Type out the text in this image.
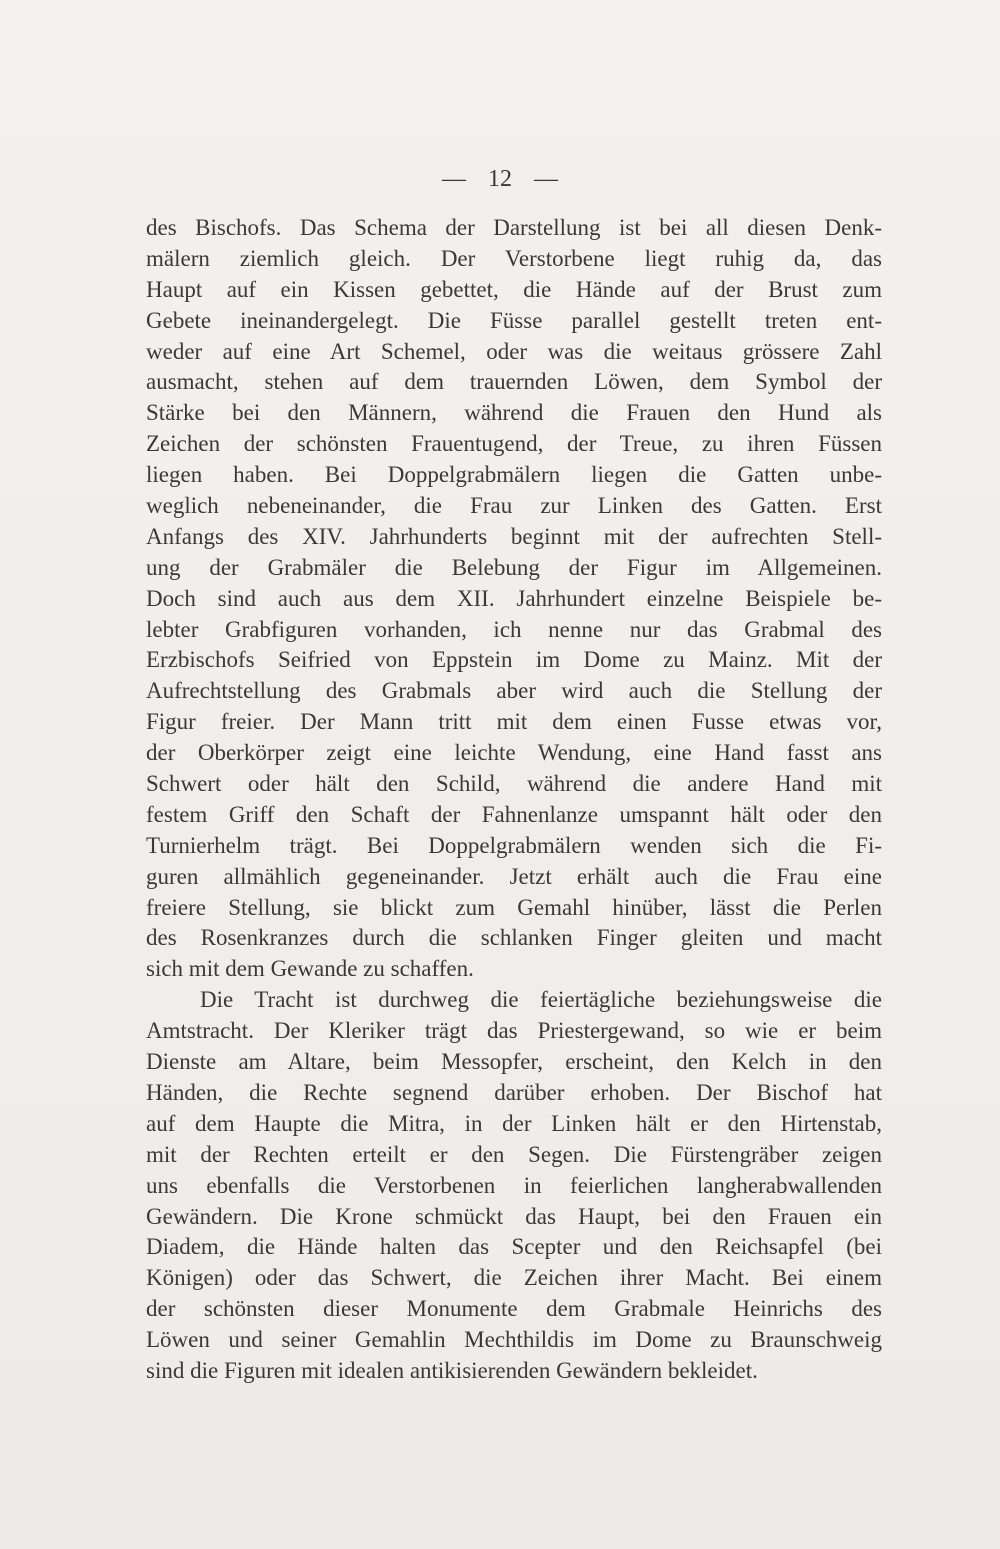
— 12 —
des Bischofs. Das Schema der Darstellung ist bei all diesen Denk-
mälern ziemlich gleich. Der Verstorbene liegt ruhig da, das
Haupt auf ein Kissen gebettet, die Hände auf der Brust zum
Gebete ineinandergelegt. Die Füsse parallel gestellt treten ent-
weder auf eine Art Schemel, oder was die weitaus grössere Zahl
ausmacht, stehen auf dem trauernden Löwen, dem Symbol der
Stärke bei den Männern, während die Frauen den Hund als
Zeichen der schönsten Frauentugend, der Treue, zu ihren Füssen
liegen haben. Bei Doppelgrabmälern liegen die Gatten unbe-
weglich nebeneinander, die Frau zur Linken des Gatten. Erst
Anfangs des XIV. Jahrhunderts beginnt mit der aufrechten Stell-
ung der Grabmäler die Belebung der Figur im Allgemeinen.
Doch sind auch aus dem XII. Jahrhundert einzelne Beispiele be-
lebter Grabfiguren vorhanden, ich nenne nur das Grabmal des
Erzbischofs Seifried von Eppstein im Dome zu Mainz. Mit der
Aufrechtstellung des Grabmals aber wird auch die Stellung der
Figur freier. Der Mann tritt mit dem einen Fusse etwas vor,
der Oberkörper zeigt eine leichte Wendung, eine Hand fasst ans
Schwert oder hält den Schild, während die andere Hand mit
festem Griff den Schaft der Fahnenlanze umspannt hält oder den
Turnierhelm trägt. Bei Doppelgrabmälern wenden sich die Fi-
guren allmählich gegeneinander. Jetzt erhält auch die Frau eine
freiere Stellung, sie blickt zum Gemahl hinüber, lässt die Perlen
des Rosenkranzes durch die schlanken Finger gleiten und macht
sich mit dem Gewande zu schaffen.
Die Tracht ist durchweg die feiertägliche beziehungsweise die
Amtstracht. Der Kleriker trägt das Priestergewand, so wie er beim
Dienste am Altare, beim Messopfer, erscheint, den Kelch in den
Händen, die Rechte segnend darüber erhoben. Der Bischof hat
auf dem Haupte die Mitra, in der Linken hält er den Hirtenstab,
mit der Rechten erteilt er den Segen. Die Fürstengräber zeigen
uns ebenfalls die Verstorbenen in feierlichen langherabwallenden
Gewändern. Die Krone schmückt das Haupt, bei den Frauen ein
Diadem, die Hände halten das Scepter und den Reichsapfel (bei
Königen) oder das Schwert, die Zeichen ihrer Macht. Bei einem
der schönsten dieser Monumente dem Grabmale Heinrichs des
Löwen und seiner Gemahlin Mechthildis im Dome zu Braunschweig
sind die Figuren mit idealen antikisierenden Gewändern bekleidet.
